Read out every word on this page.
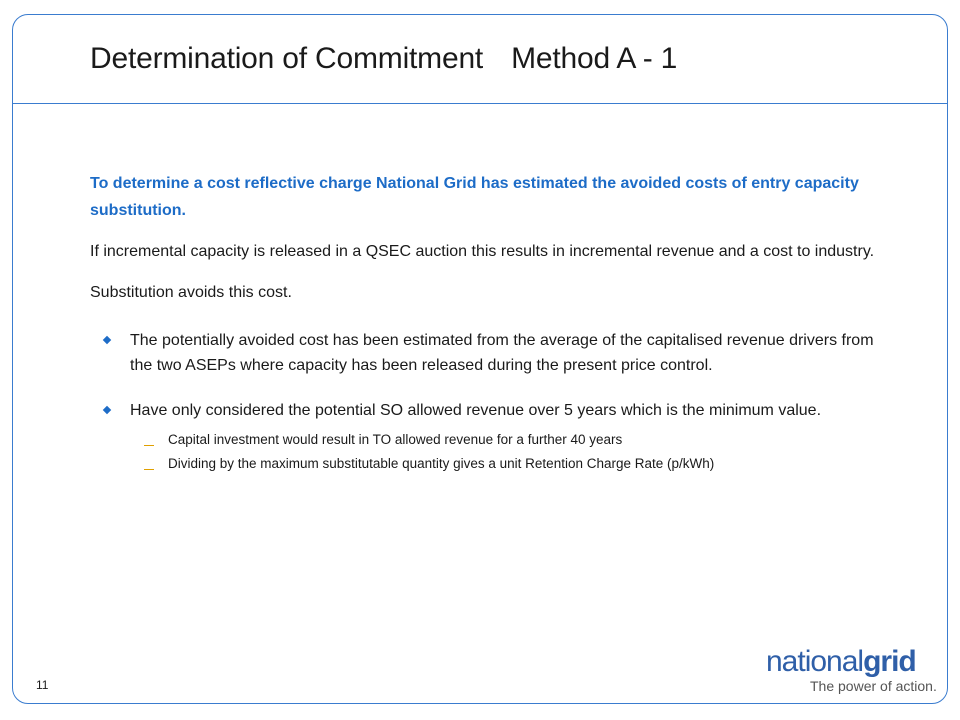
Determination of Commitment Method A - 1

To determine a cost reflective charge National Grid has estimated the avoided costs of entry capacity substitution.

If incremental capacity is released in a QSEC auction this results in incremental revenue and a cost to industry.

Substitution avoids this cost.

The potentially avoided cost has been estimated from the average of the capitalised revenue drivers from the two ASEPs where capacity has been released during the present price control.
Have only considered the potential SO allowed revenue over 5 years which is the minimum value.
Capital investment would result in TO allowed revenue for a further 40 years
Dividing by the maximum substitutable quantity gives a unit Retention Charge Rate (p/kWh)
11
nationalgrid
The power of action.
